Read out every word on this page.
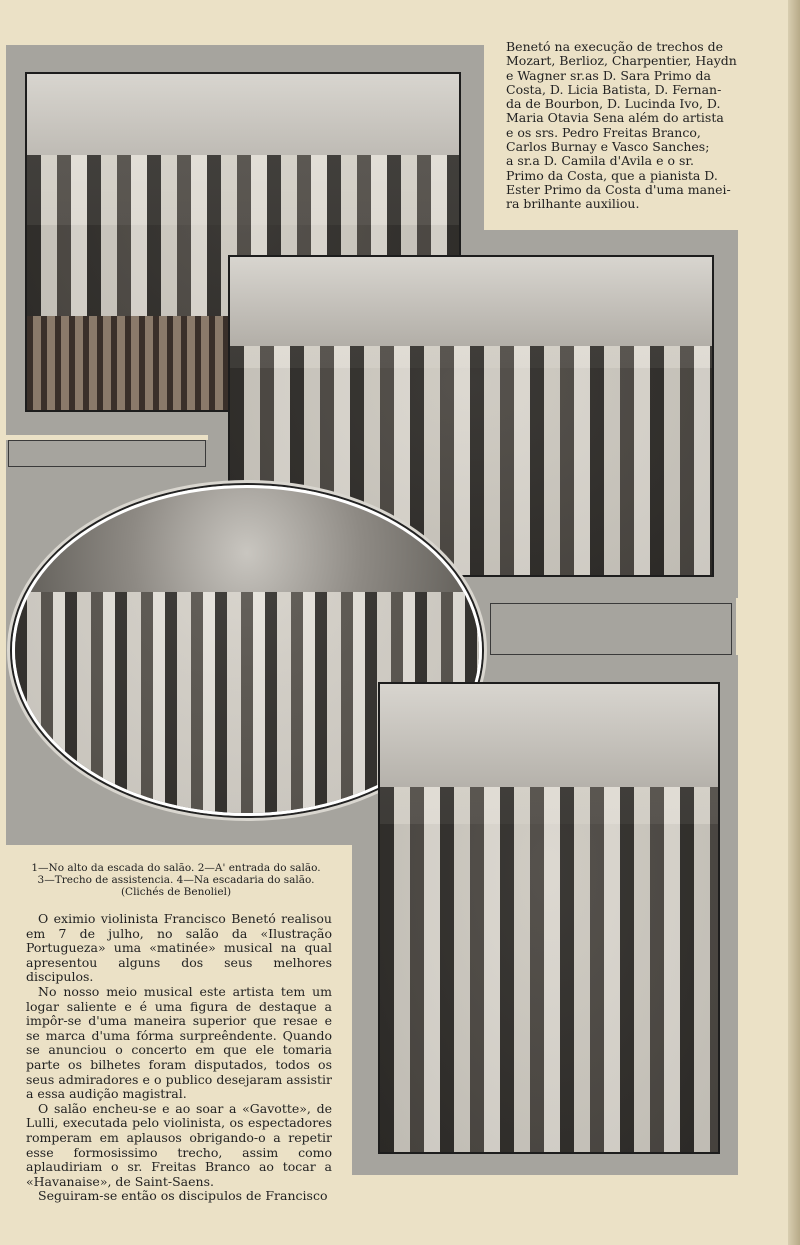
Benetó na execução de trechos de
Mozart, Berlioz, Charpentier, Haydn
e Wagner sr.as D. Sara Primo da
Costa, D. Licia Batista, D. Fernan-
da de Bourbon, D. Lucinda Ivo, D.
Maria Otavia Sena além do artista
e os srs. Pedro Freitas Branco,
Carlos Burnay e Vasco Sanches;
a sr.a D. Camila d'Avila e o sr.
Primo da Costa, que a pianista D.
Ester Primo da Costa d'uma manei-
ra brilhante auxiliou.
1—No alto da escada do salão. 2—A' entrada do salão.
3—Trecho de assistencia. 4—Na escadaria do salão.
(Clichés de Benoliel)

O eximio violinista Francisco Benetó realisou em 7 de julho, no salão da «Ilustração Portugueza» uma «matinée» musical na qual apresentou alguns dos seus melhores discipulos.

No nosso meio musical este artista tem um logar saliente e é uma figura de destaque a impôr-se d'uma maneira superior que resae e se marca d'uma fórma surpreêndente. Quando se anunciou o concerto em que ele tomaria parte os bilhetes foram disputados, todos os seus admiradores e o publico desejaram assistir a essa audição magistral.

O salão encheu-se e ao soar a «Gavotte», de Lulli, executada pelo violinista, os espectadores romperam em aplausos obrigando-o a repetir esse formosissimo trecho, assim como aplaudiriam o sr. Freitas Branco ao tocar a «Havanaise», de Saint-Saens.

Seguiram-se então os discipulos de Francisco
